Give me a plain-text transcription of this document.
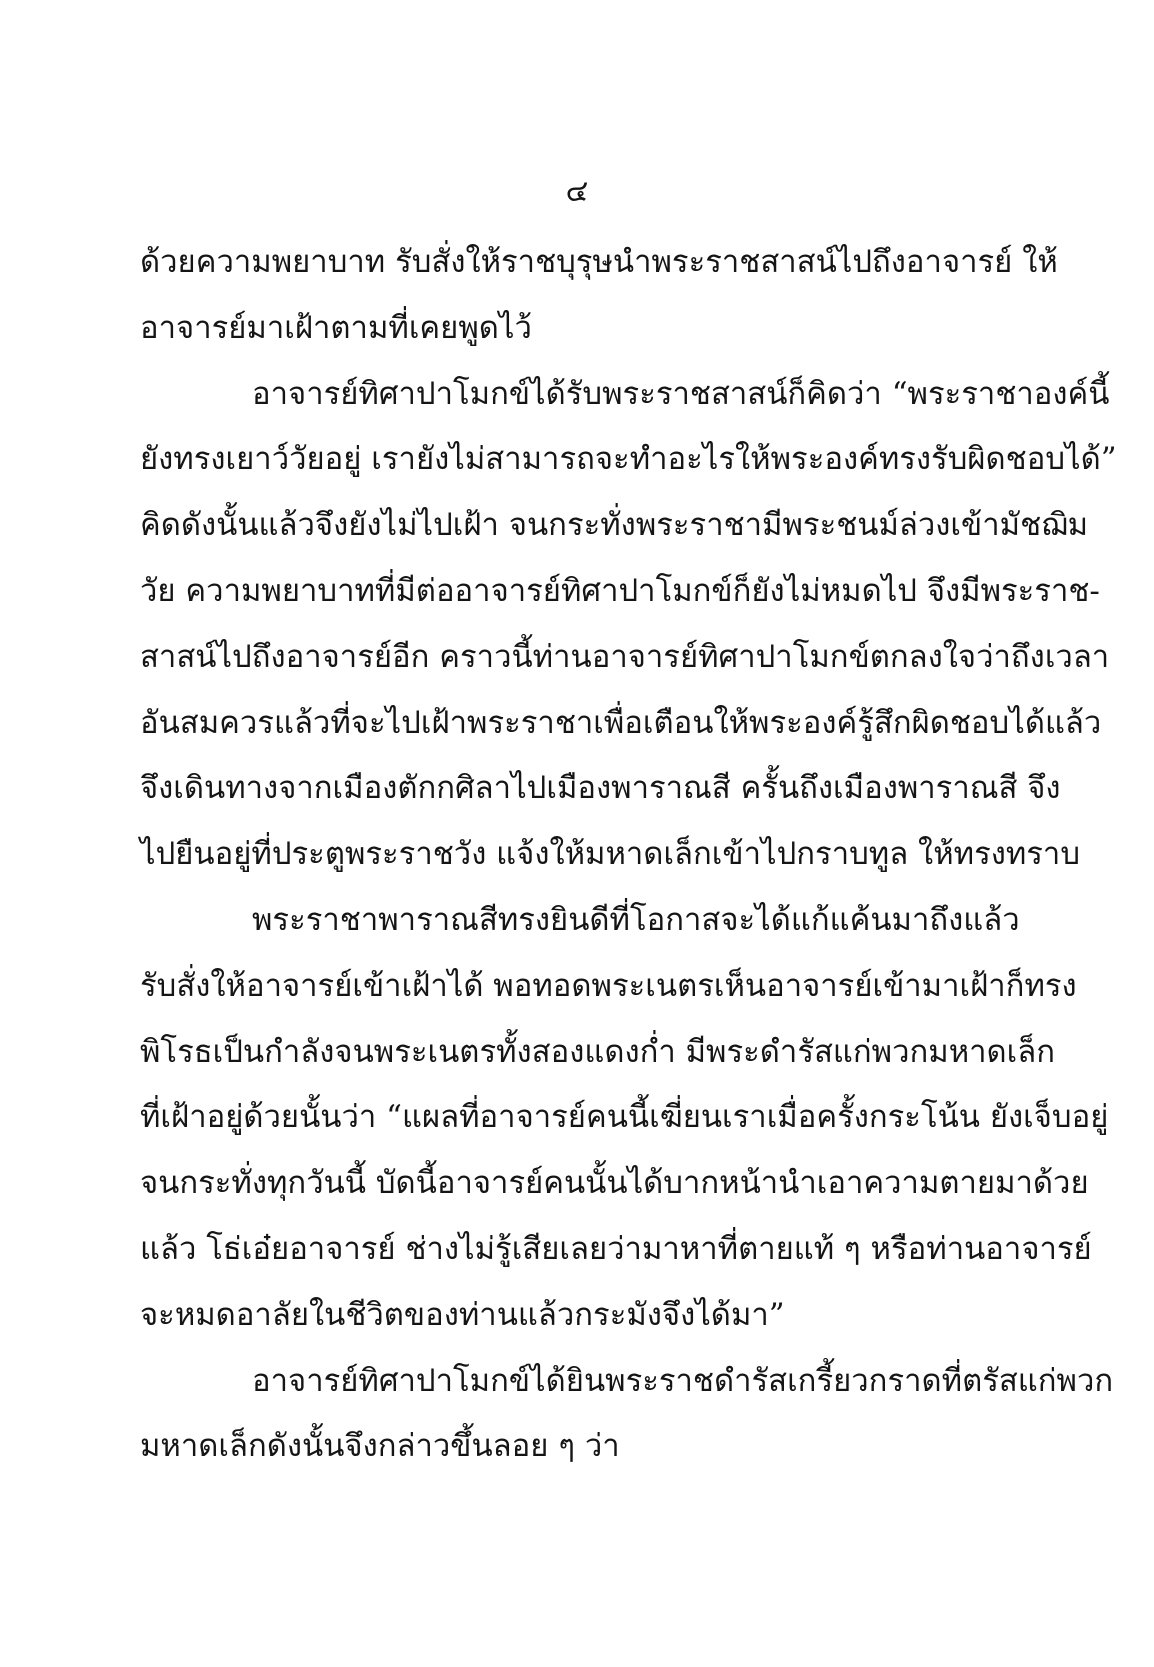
๔
ด้วยความพยาบาท รับสั่งให้ราชบุรุษนำพระราชสาสน์ไปถึงอาจารย์ ให้
อาจารย์มาเฝ้าตามที่เคยพูดไว้
อาจารย์ทิศาปาโมกข์ได้รับพระราชสาสน์ก็คิดว่า “พระราชาองค์นี้
ยังทรงเยาว์วัยอยู่ เรายังไม่สามารถจะทำอะไรให้พระองค์ทรงรับผิดชอบได้”
คิดดังนั้นแล้วจึงยังไม่ไปเฝ้า จนกระทั่งพระราชามีพระชนม์ล่วงเข้ามัชฌิม
วัย ความพยาบาทที่มีต่ออาจารย์ทิศาปาโมกข์ก็ยังไม่หมดไป จึงมีพระราช-
สาสน์ไปถึงอาจารย์อีก คราวนี้ท่านอาจารย์ทิศาปาโมกข์ตกลงใจว่าถึงเวลา
อันสมควรแล้วที่จะไปเฝ้าพระราชาเพื่อเตือนให้พระองค์รู้สึกผิดชอบได้แล้ว
จึงเดินทางจากเมืองตักกศิลาไปเมืองพาราณสี ครั้นถึงเมืองพาราณสี จึง
ไปยืนอยู่ที่ประตูพระราชวัง แจ้งให้มหาดเล็กเข้าไปกราบทูล ให้ทรงทราบ
พระราชาพาราณสีทรงยินดีที่โอกาสจะได้แก้แค้นมาถึงแล้ว
รับสั่งให้อาจารย์เข้าเฝ้าได้ พอทอดพระเนตรเห็นอาจารย์เข้ามาเฝ้าก็ทรง
พิโรธเป็นกำลังจนพระเนตรทั้งสองแดงก่ำ มีพระดำรัสแก่พวกมหาดเล็ก
ที่เฝ้าอยู่ด้วยนั้นว่า “แผลที่อาจารย์คนนี้เฆี่ยนเราเมื่อครั้งกระโน้น ยังเจ็บอยู่
จนกระทั่งทุกวันนี้ บัดนี้อาจารย์คนนั้นได้บากหน้านำเอาความตายมาด้วย
แล้ว โธ่เอ๋ยอาจารย์ ช่างไม่รู้เสียเลยว่ามาหาที่ตายแท้ ๆ หรือท่านอาจารย์
จะหมดอาลัยในชีวิตของท่านแล้วกระมังจึงได้มา”
อาจารย์ทิศาปาโมกข์ได้ยินพระราชดำรัสเกรี้ยวกราดที่ตรัสแก่พวก
มหาดเล็กดังนั้นจึงกล่าวขึ้นลอย ๆ ว่า
